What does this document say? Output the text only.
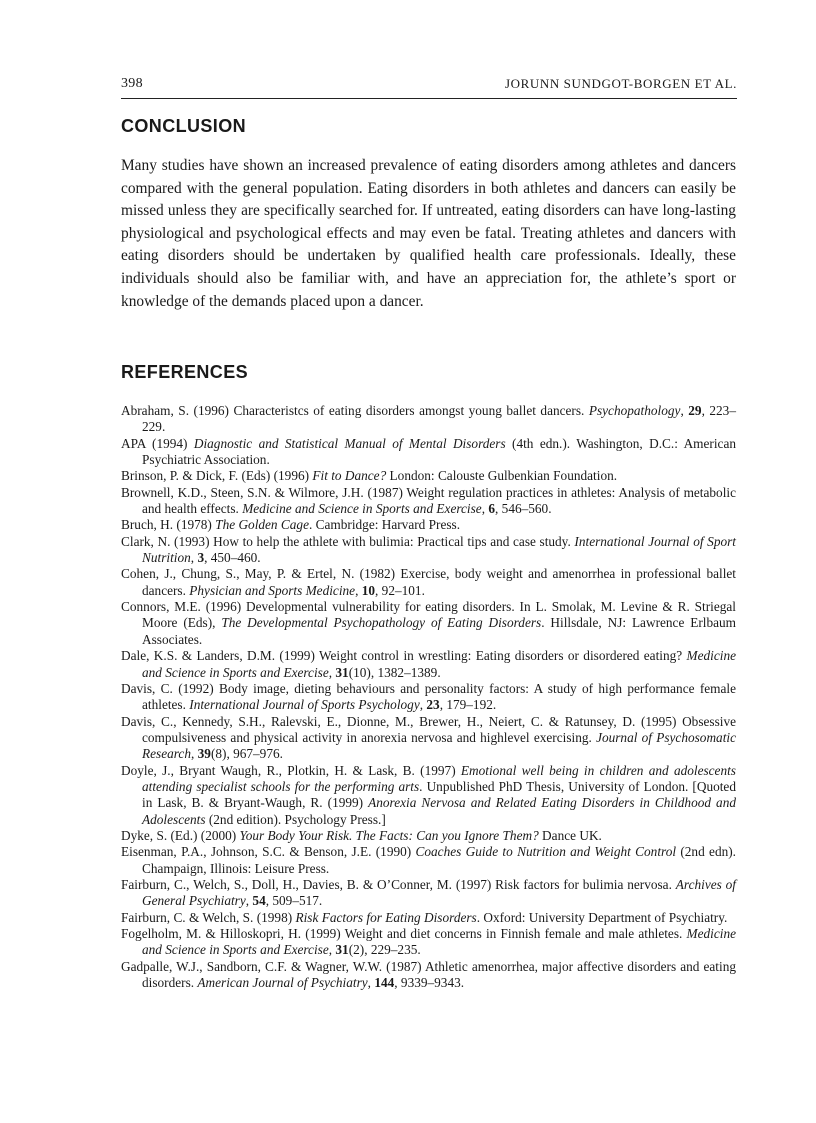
398	JORUNN SUNDGOT-BORGEN ET AL.
CONCLUSION

Many studies have shown an increased prevalence of eating disorders among athletes and dancers compared with the general population. Eating disorders in both athletes and dancers can easily be missed unless they are specifically searched for. If untreated, eating disorders can have long-lasting physiological and psychological effects and may even be fatal. Treating athletes and dancers with eating disorders should be undertaken by qualified health care professionals. Ideally, these individuals should also be familiar with, and have an appreciation for, the athlete’s sport or knowledge of the demands placed upon a dancer.

REFERENCES
Abraham, S. (1996) Characteristcs of eating disorders amongst young ballet dancers. Psychopathology, 29, 223–229.
APA (1994) Diagnostic and Statistical Manual of Mental Disorders (4th edn.). Washington, D.C.: American Psychiatric Association.
Brinson, P. & Dick, F. (Eds) (1996) Fit to Dance? London: Calouste Gulbenkian Foundation.
Brownell, K.D., Steen, S.N. & Wilmore, J.H. (1987) Weight regulation practices in athletes: Analysis of metabolic and health effects. Medicine and Science in Sports and Exercise, 6, 546–560.
Bruch, H. (1978) The Golden Cage. Cambridge: Harvard Press.
Clark, N. (1993) How to help the athlete with bulimia: Practical tips and case study. International Journal of Sport Nutrition, 3, 450–460.
Cohen, J., Chung, S., May, P. & Ertel, N. (1982) Exercise, body weight and amenorrhea in professional ballet dancers. Physician and Sports Medicine, 10, 92–101.
Connors, M.E. (1996) Developmental vulnerability for eating disorders. In L. Smolak, M. Levine & R. Striegal Moore (Eds), The Developmental Psychopathology of Eating Disorders. Hillsdale, NJ: Lawrence Erlbaum Associates.
Dale, K.S. & Landers, D.M. (1999) Weight control in wrestling: Eating disorders or disordered eating? Medicine and Science in Sports and Exercise, 31(10), 1382–1389.
Davis, C. (1992) Body image, dieting behaviours and personality factors: A study of high performance female athletes. International Journal of Sports Psychology, 23, 179–192.
Davis, C., Kennedy, S.H., Ralevski, E., Dionne, M., Brewer, H., Neiert, C. & Ratunsey, D. (1995) Obsessive compulsiveness and physical activity in anorexia nervosa and highlevel exercising. Journal of Psychosomatic Research, 39(8), 967–976.
Doyle, J., Bryant Waugh, R., Plotkin, H. & Lask, B. (1997) Emotional well being in children and adolescents attending specialist schools for the performing arts. Unpublished PhD Thesis, University of London. [Quoted in Lask, B. & Bryant-Waugh, R. (1999) Anorexia Nervosa and Related Eating Disorders in Childhood and Adolescents (2nd edition). Psychology Press.]
Dyke, S. (Ed.) (2000) Your Body Your Risk. The Facts: Can you Ignore Them? Dance UK.
Eisenman, P.A., Johnson, S.C. & Benson, J.E. (1990) Coaches Guide to Nutrition and Weight Control (2nd edn). Champaign, Illinois: Leisure Press.
Fairburn, C., Welch, S., Doll, H., Davies, B. & O’Conner, M. (1997) Risk factors for bulimia nervosa. Archives of General Psychiatry, 54, 509–517.
Fairburn, C. & Welch, S. (1998) Risk Factors for Eating Disorders. Oxford: University Department of Psychiatry.
Fogelholm, M. & Hilloskopri, H. (1999) Weight and diet concerns in Finnish female and male athletes. Medicine and Science in Sports and Exercise, 31(2), 229–235.
Gadpalle, W.J., Sandborn, C.F. & Wagner, W.W. (1987) Athletic amenorrhea, major affective disorders and eating disorders. American Journal of Psychiatry, 144, 9339–9343.
